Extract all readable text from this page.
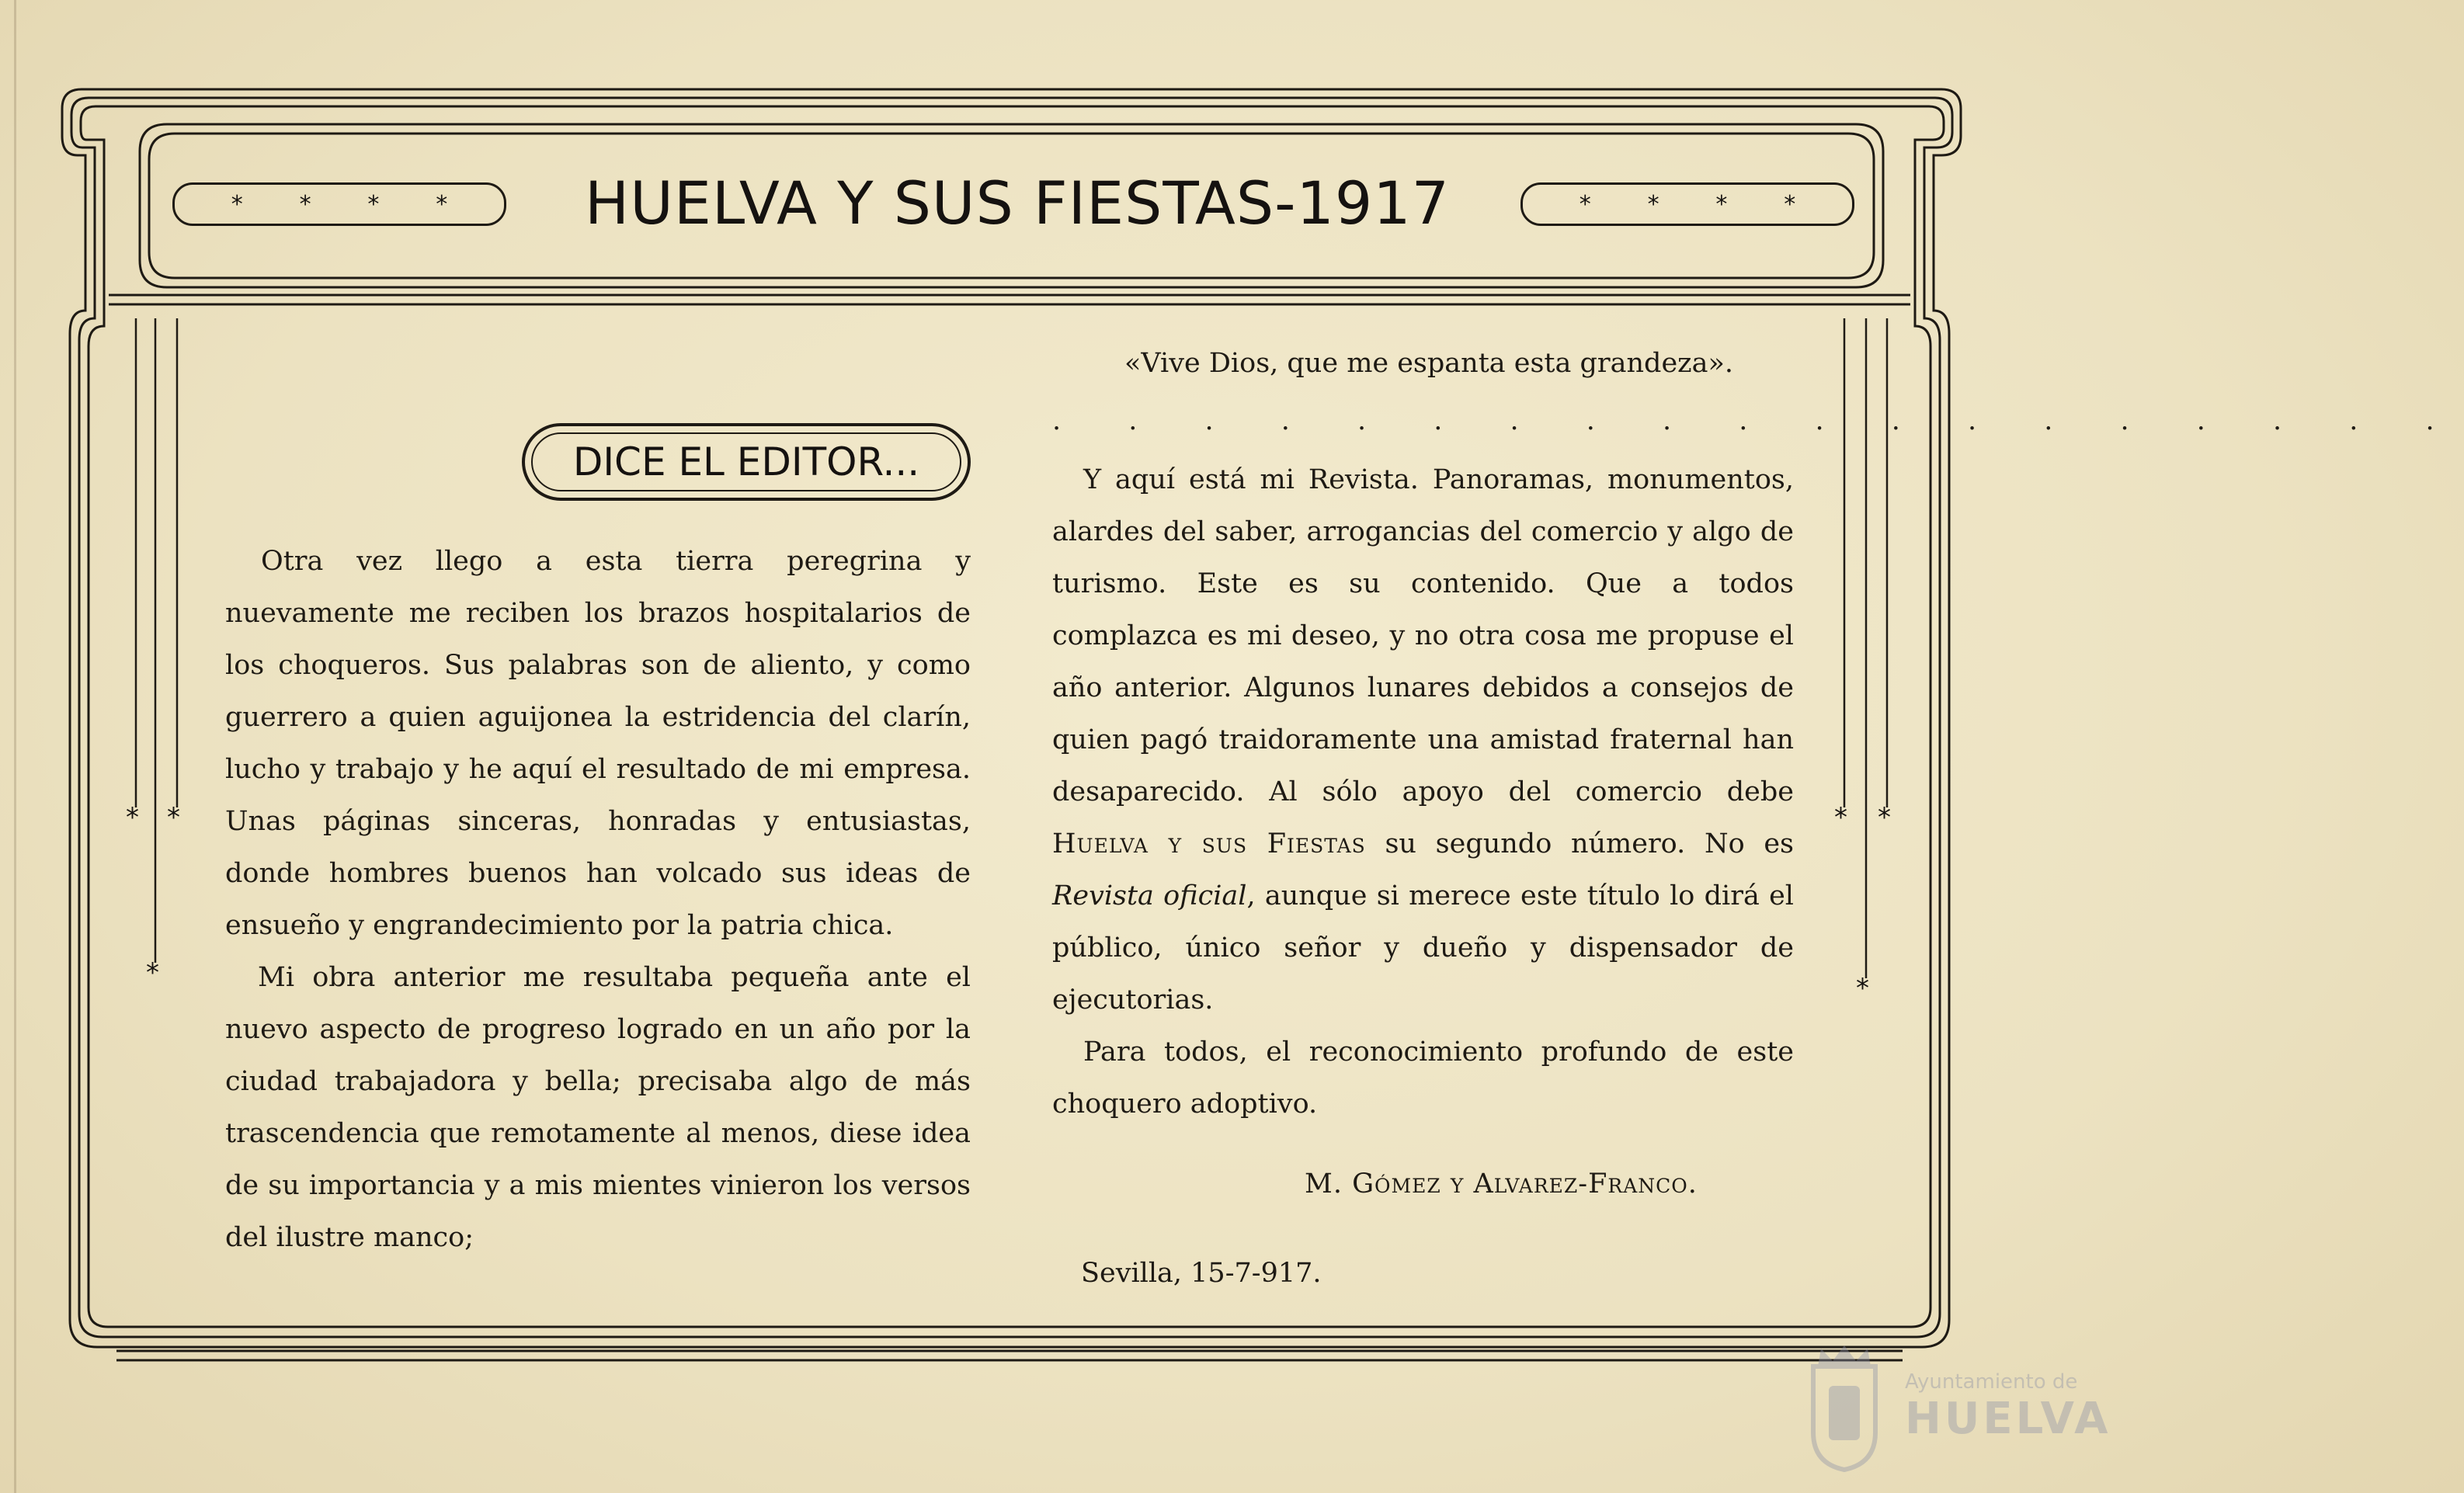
* * * *	HUELVA Y SUS FIESTAS-1917	* * * *
* *
*
* *
*
DICE EL EDITOR...

Otra vez llego a esta tierra peregrina y nuevamente me reciben los brazos hospitalarios de los choqueros. Sus palabras son de aliento, y como guerrero a quien aguijonea la estridencia del clarín, lucho y trabajo y he aquí el resultado de mi empresa. Unas páginas sinceras, honradas y entusiastas, donde hombres buenos han volcado sus ideas de ensueño y engrandecimiento por la patria chica.

Mi obra anterior me resultaba pequeña ante el nuevo aspecto de progreso logrado en un año por la ciudad trabajadora y bella; precisaba algo de más trascendencia que remotamente al menos, diese idea de su importancia y a mis mientes vinieron los versos del ilustre manco;

«Vive Dios, que me espanta esta grandeza».
. . . . . . . . . . . . . . . . . . .

Y aquí está mi Revista. Panoramas, monumentos, alardes del saber, arrogancias del comercio y algo de turismo. Este es su contenido. Que a todos complazca es mi deseo, y no otra cosa me propuse el año anterior. Algunos lunares debidos a consejos de quien pagó traidoramente una amistad fraternal han desaparecido. Al sólo apoyo del comercio debe Huelva y sus Fiestas su segundo número. No es Revista oficial, aunque si merece este título lo dirá el público, único señor y dueño y dispensador de ejecutorias.

Para todos, el reconocimiento profundo de este choquero adoptivo.

M. Gómez y Alvarez-Franco.
Sevilla, 15-7-917.
Ayuntamiento de
HUELVA
